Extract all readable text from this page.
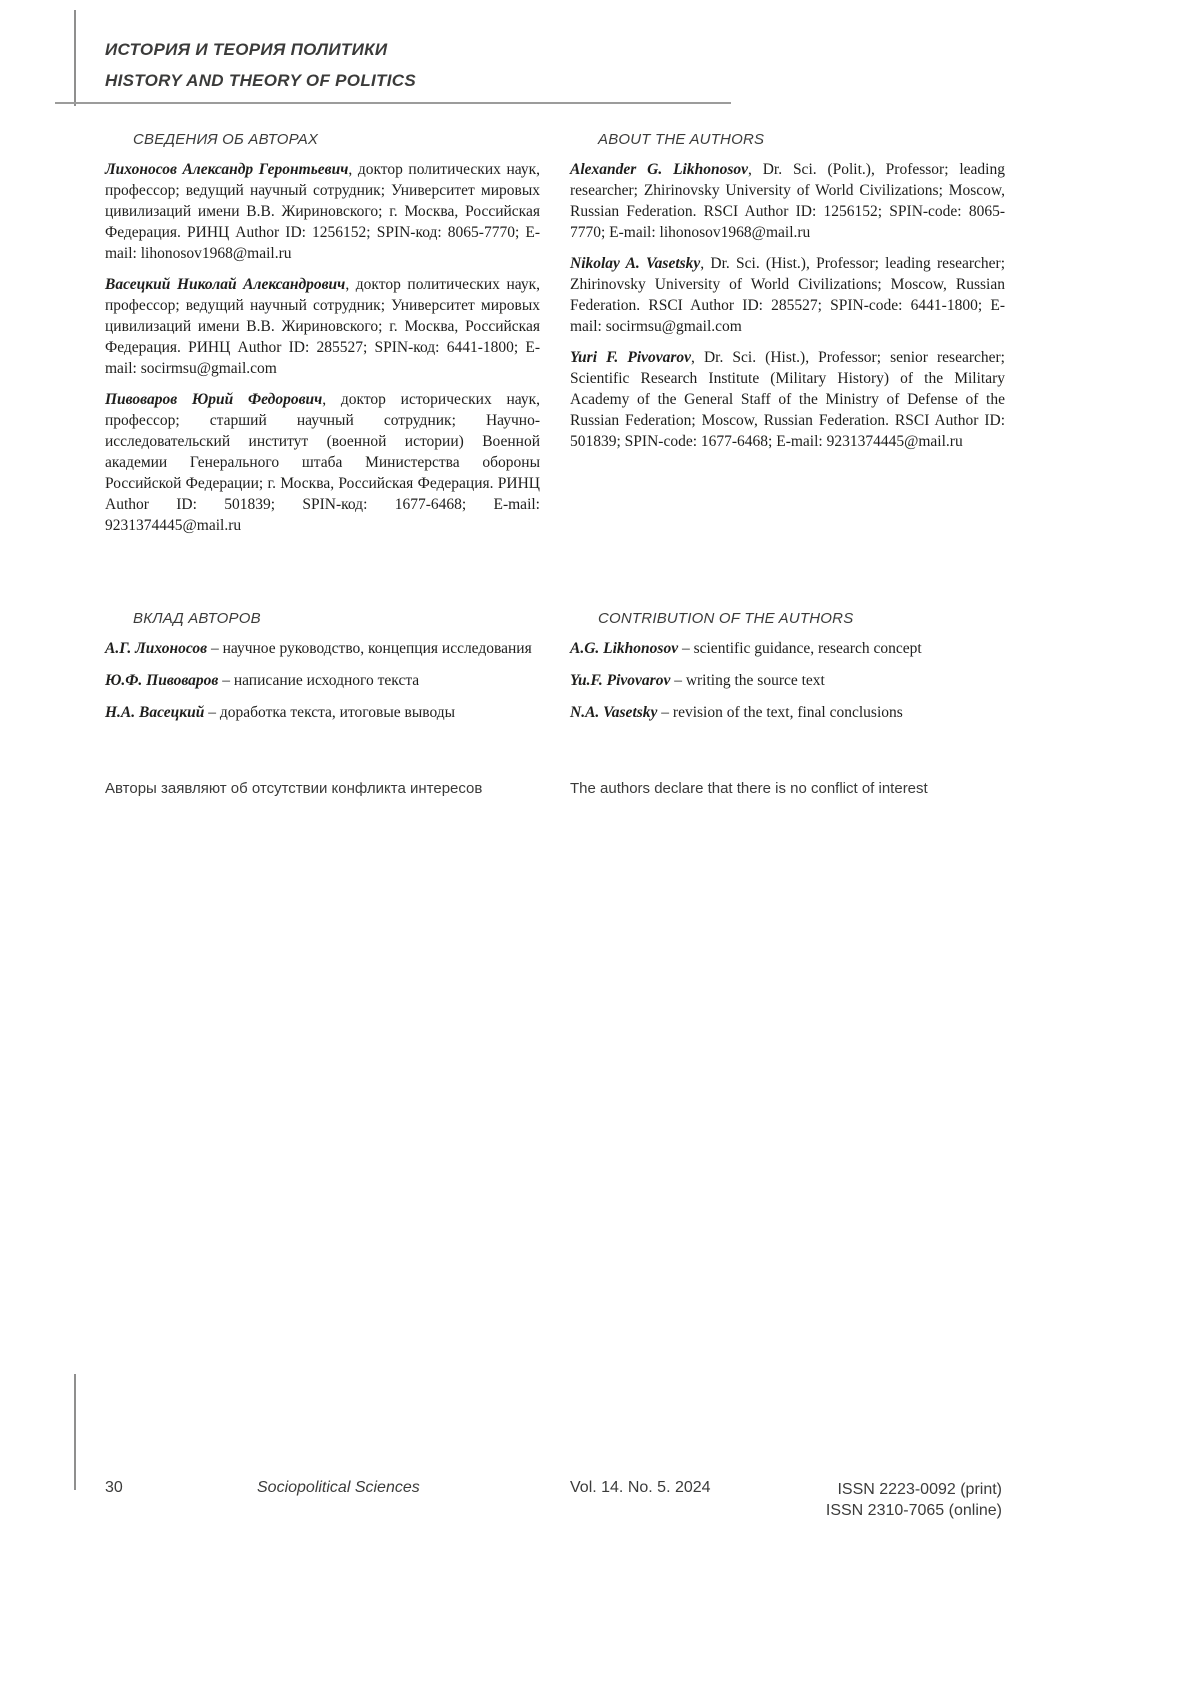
ИСТОРИЯ И ТЕОРИЯ ПОЛИТИКИ
HISTORY AND THEORY OF POLITICS
СВЕДЕНИЯ ОБ АВТОРАХ

Лихоносов Александр Геронтьевич, доктор политических наук, профессор; ведущий научный сотрудник; Университет мировых цивилизаций имени В.В. Жириновского; г. Москва, Российская Федерация. РИНЦ Author ID: 1256152; SPIN-код: 8065-7770; E-mail: lihonosov1968@mail.ru

Васецкий Николай Александрович, доктор политических наук, профессор; ведущий научный сотрудник; Университет мировых цивилизаций имени В.В. Жириновского; г. Москва, Российская Федерация. РИНЦ Author ID: 285527; SPIN-код: 6441-1800; E-mail: socirmsu@gmail.com

Пивоваров Юрий Федорович, доктор исторических наук, профессор; старший научный сотрудник; Научно-исследовательский институт (военной истории) Военной академии Генерального штаба Министерства обороны Российской Федерации; г. Москва, Российская Федерация. РИНЦ Author ID: 501839; SPIN-код: 1677-6468; E-mail: 9231374445@mail.ru

ABOUT THE AUTHORS

Alexander G. Likhonosov, Dr. Sci. (Polit.), Professor; leading researcher; Zhirinovsky University of World Civilizations; Moscow, Russian Federation. RSCI Author ID: 1256152; SPIN-code: 8065-7770; E-mail: lihonosov1968@mail.ru

Nikolay A. Vasetsky, Dr. Sci. (Hist.), Professor; leading researcher; Zhirinovsky University of World Civilizations; Moscow, Russian Federation. RSCI Author ID: 285527; SPIN-code: 6441-1800; E-mail: socirmsu@gmail.com

Yuri F. Pivovarov, Dr. Sci. (Hist.), Professor; senior researcher; Scientific Research Institute (Military History) of the Military Academy of the General Staff of the Ministry of Defense of the Russian Federation; Moscow, Russian Federation. RSCI Author ID: 501839; SPIN-code: 1677-6468; E-mail: 9231374445@mail.ru

ВКЛАД АВТОРОВ

А.Г. Лихоносов – научное руководство, концепция исследования

Ю.Ф. Пивоваров – написание исходного текста

Н.А. Васецкий – доработка текста, итоговые выводы

CONTRIBUTION OF THE AUTHORS

A.G. Likhonosov – scientific guidance, research concept

Yu.F. Pivovarov – writing the source text

N.A. Vasetsky – revision of the text, final conclusions

Авторы заявляют об отсутствии конфликта интересов	The authors declare that there is no conflict of interest

30	Sociopolitical Sciences	Vol. 14. No. 5. 2024	ISSN 2223-0092 (print)
ISSN 2310-7065 (online)
